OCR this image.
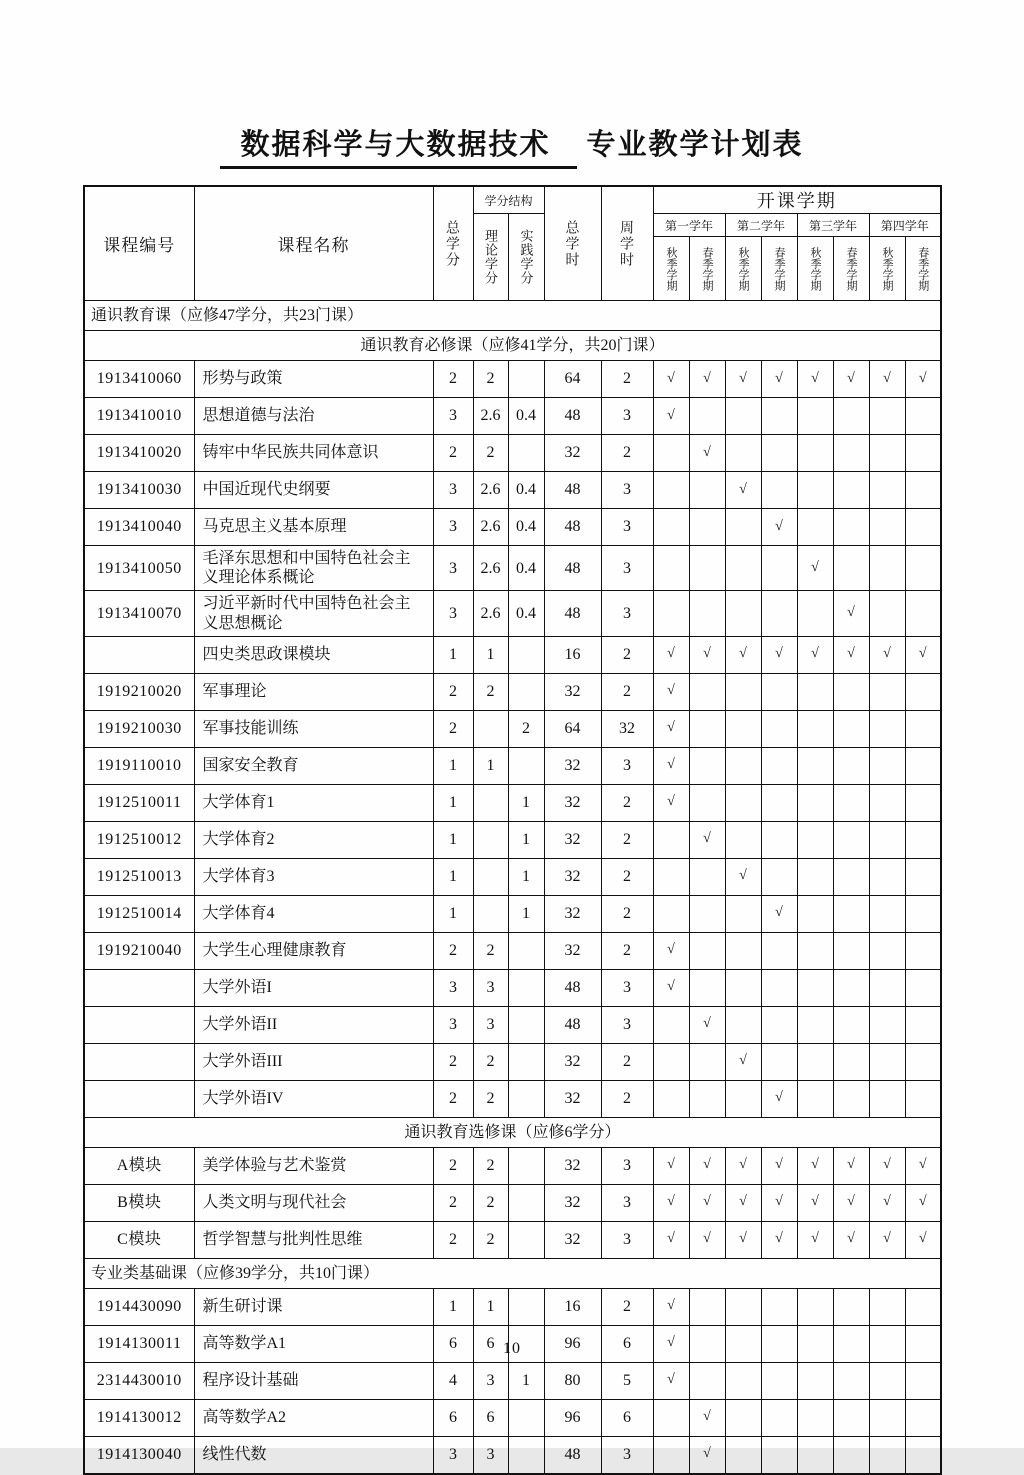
数据科学与大数据技术 专业教学计划表
课程编号	课程名称	总学分	学分结构		总学时	周学时	开课学期							

			理论学分	实践学分			第一学年		第二学年		第三学年		第四学年	

							秋季学期	春季学期	秋季学期	春季学期	秋季学期	春季学期	秋季学期	春季学期

通识教育课（应修47学分，共23门课）														
通识教育必修课（应修41学分，共20门课）														
1913410060	形势与政策	2	2		64	2	√	√	√	√	√	√	√	√
1913410010	思想道德与法治	3	2.6	0.4	48	3	√							
1913410020	铸牢中华民族共同体意识	2	2		32	2		√						
1913410030	中国近现代史纲要	3	2.6	0.4	48	3			√					
1913410040	马克思主义基本原理	3	2.6	0.4	48	3				√				
1913410050	毛泽东思想和中国特色社会主义理论体系概论	3	2.6	0.4	48	3					√			
1913410070	习近平新时代中国特色社会主义思想概论	3	2.6	0.4	48	3						√		
	四史类思政课模块	1	1		16	2	√	√	√	√	√	√	√	√
1919210020	军事理论	2	2		32	2	√							
1919210030	军事技能训练	2		2	64	32	√							
1919110010	国家安全教育	1	1		32	3	√							
1912510011	大学体育1	1		1	32	2	√							
1912510012	大学体育2	1		1	32	2		√						
1912510013	大学体育3	1		1	32	2			√					
1912510014	大学体育4	1		1	32	2				√				
1919210040	大学生心理健康教育	2	2		32	2	√							
	大学外语I	3	3		48	3	√							
	大学外语II	3	3		48	3		√						
	大学外语III	2	2		32	2			√					
	大学外语IV	2	2		32	2				√				
通识教育选修课（应修6学分）														
A模块	美学体验与艺术鉴赏	2	2		32	3	√	√	√	√	√	√	√	√
B模块	人类文明与现代社会	2	2		32	3	√	√	√	√	√	√	√	√
C模块	哲学智慧与批判性思维	2	2		32	3	√	√	√	√	√	√	√	√
专业类基础课（应修39学分，共10门课）														
1914430090	新生研讨课	1	1		16	2	√							
1914130011	高等数学A1	6	6		96	6	√							
2314430010	程序设计基础	4	3	1	80	5	√							
1914130012	高等数学A2	6	6		96	6		√						
1914130040	线性代数	3	3		48	3		√						
10
